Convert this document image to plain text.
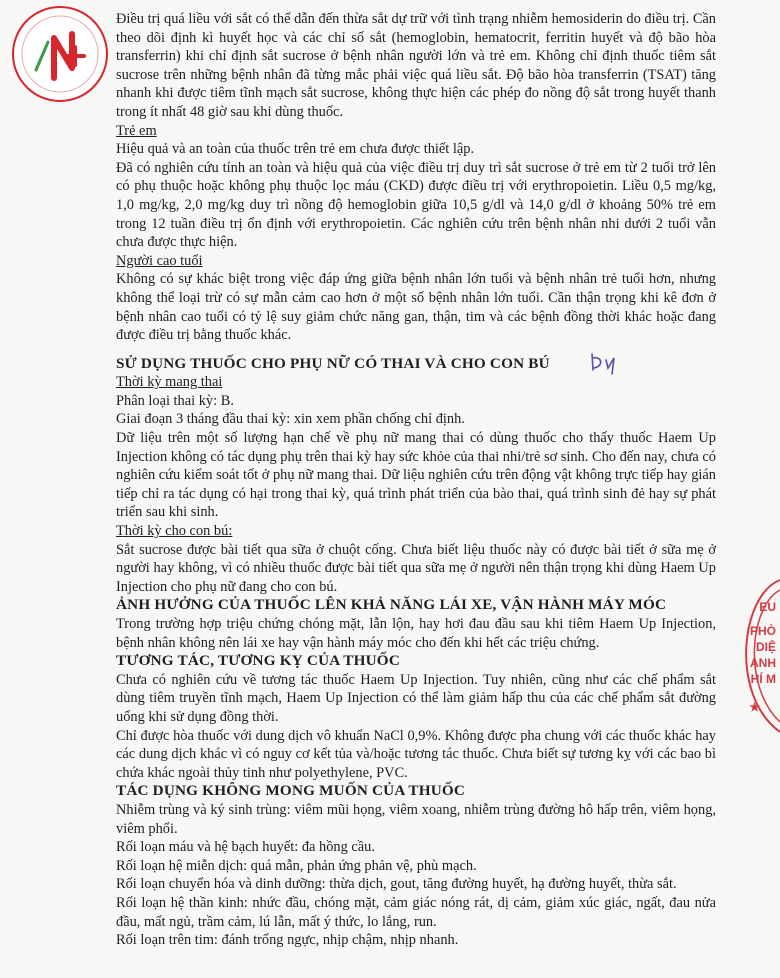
Điều trị quá liều với sắt có thể dẫn đến thừa sắt dự trữ với tình trạng nhiễm hemosiderin do điều trị. Cần theo dõi định kì huyết học và các chỉ số sắt (hemoglobin, hematocrit, ferritin huyết và độ bão hòa transferrin) khi chỉ định sắt sucrose ở bệnh nhân người lớn và trẻ em. Không chỉ định thuốc tiêm sắt sucrose trên những bệnh nhân đã từng mắc phải việc quá liều sắt. Độ bão hòa transferrin (TSAT) tăng nhanh khi được tiêm tĩnh mạch sắt sucrose, không thực hiện các phép đo nồng độ sắt trong huyết thanh trong ít nhất 48 giờ sau khi dùng thuốc.

Trẻ em

Hiệu quả và an toàn của thuốc trên trẻ em chưa được thiết lập.

Đã có nghiên cứu tính an toàn và hiệu quả của việc điều trị duy trì sắt sucrose ở trẻ em từ 2 tuổi trở lên có phụ thuộc hoặc không phụ thuộc lọc máu (CKD) được điều trị với erythropoietin. Liều 0,5 mg/kg, 1,0 mg/kg, 2,0 mg/kg duy trì nồng độ hemoglobin giữa 10,5 g/dl và 14,0 g/dl ở khoảng 50% trẻ em trong 12 tuần điều trị ổn định với erythropoietin. Các nghiên cứu trên bệnh nhân nhi dưới 2 tuổi vẫn chưa được thực hiện.

Người cao tuổi

Không có sự khác biệt trong việc đáp ứng giữa bệnh nhân lớn tuổi và bệnh nhân trẻ tuổi hơn, nhưng không thể loại trừ có sự mẫn cảm cao hơn ở một số bệnh nhân lớn tuổi. Cần thận trọng khi kê đơn ở bệnh nhân cao tuổi có tỷ lệ suy giảm chức năng gan, thận, tim và các bệnh đồng thời khác hoặc đang được điều trị bằng thuốc khác.

SỬ DỤNG THUỐC CHO PHỤ NỮ CÓ THAI VÀ CHO CON BÚ

Thời kỳ mang thai

Phân loại thai kỳ: B.

Giai đoạn 3 tháng đầu thai kỳ: xin xem phần chống chỉ định.

Dữ liệu trên một số lượng hạn chế về phụ nữ mang thai có dùng thuốc cho thấy thuốc Haem Up Injection không có tác dụng phụ trên thai kỳ hay sức khỏe của thai nhi/trẻ sơ sinh. Cho đến nay, chưa có nghiên cứu kiểm soát tốt ở phụ nữ mang thai. Dữ liệu nghiên cứu trên động vật không trực tiếp hay gián tiếp chỉ ra tác dụng có hại trong thai kỳ, quá trình phát triển của bào thai, quá trình sinh đẻ hay sự phát triển sau khi sinh.

Thời kỳ cho con bú:

Sắt sucrose được bài tiết qua sữa ở chuột cống. Chưa biết liệu thuốc này có được bài tiết ở sữa mẹ ở người hay không, vì có nhiều thuốc được bài tiết qua sữa mẹ ở người nên thận trọng khi dùng Haem Up Injection cho phụ nữ đang cho con bú.

ẢNH HƯỞNG CỦA THUỐC LÊN KHẢ NĂNG LÁI XE, VẬN HÀNH MÁY MÓC

Trong trường hợp triệu chứng chóng mặt, lẫn lộn, hay hơi đau đầu sau khi tiêm Haem Up Injection, bệnh nhân không nên lái xe hay vận hành máy móc cho đến khi hết các triệu chứng.

TƯƠNG TÁC, TƯƠNG KỴ CỦA THUỐC

Chưa có nghiên cứu về tương tác thuốc Haem Up Injection. Tuy nhiên, cũng như các chế phẩm sắt dùng tiêm truyền tĩnh mạch, Haem Up Injection có thể làm giảm hấp thu của các chế phẩm sắt đường uống khi sử dụng đồng thời.

Chỉ được hòa thuốc với dung dịch vô khuẩn NaCl 0,9%. Không được pha chung với các thuốc khác hay các dung dịch khác vì có nguy cơ kết tủa và/hoặc tương tác thuốc. Chưa biết sự tương kỵ với các bao bì chứa khác ngoài thủy tinh như polyethylene, PVC.

TÁC DỤNG KHÔNG MONG MUỐN CỦA THUỐC

Nhiễm trùng và ký sinh trùng: viêm mũi họng, viêm xoang, nhiễm trùng đường hô hấp trên, viêm họng, viêm phổi.

Rối loạn máu và hệ bạch huyết: đa hồng cầu.

Rối loạn hệ miễn dịch: quá mẫn, phản ứng phản vệ, phù mạch.

Rối loạn chuyển hóa và dinh dưỡng: thừa dịch, gout, tăng đường huyết, hạ đường huyết, thừa sắt.

Rối loạn hệ thần kinh: nhức đầu, chóng mặt, cảm giác nóng rát, dị cảm, giảm xúc giác, ngất, đau nửa đầu, mất ngủ, trầm cảm, lú lẫn, mất ý thức, lo lắng, run.

Rối loạn trên tim: đánh trống ngực, nhịp chậm, nhịp nhanh.

EU
PHÒ
DIỆ
ANH
HÍ M
★
